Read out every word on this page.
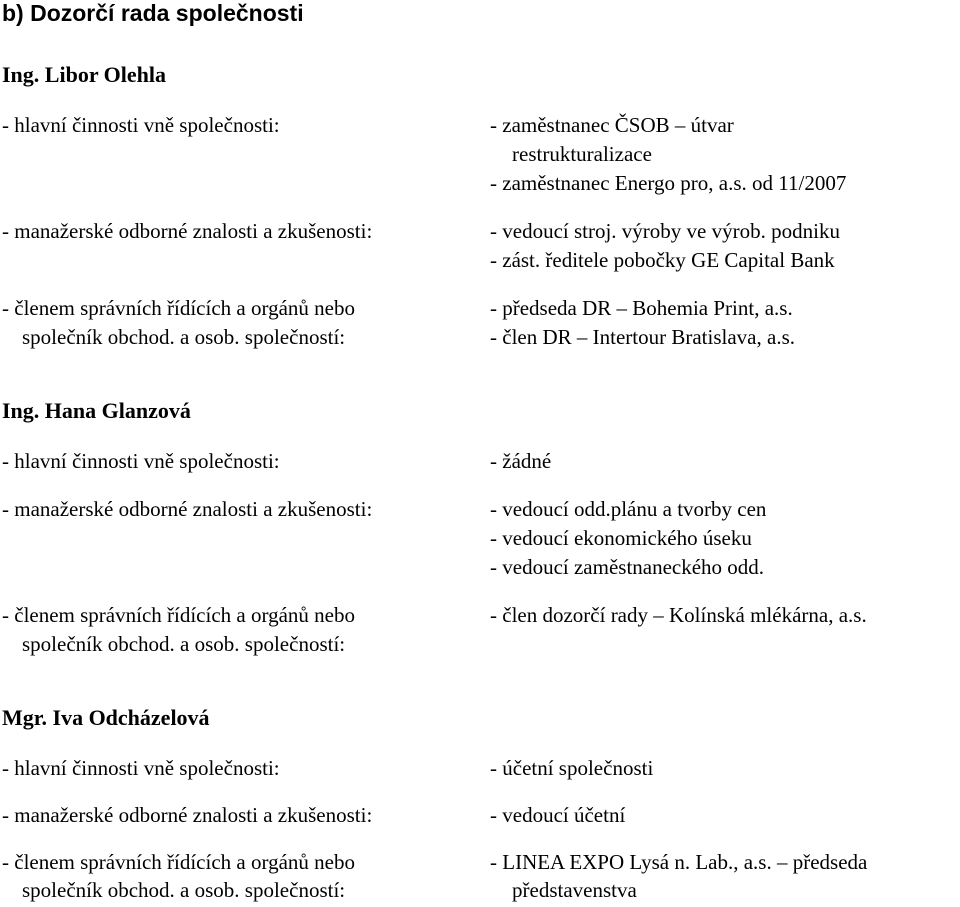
b) Dozorčí rada společnosti
Ing. Libor Olehla
- hlavní činnosti vně společnosti:	- zaměstnanec ČSOB – útvar
restrukturalizace
- zaměstnanec Energo pro, a.s. od 11/2007
- manažerské odborné znalosti a zkušenosti:	- vedoucí stroj. výroby ve výrob. podniku
- zást. ředitele pobočky GE Capital Bank
- členem správních řídících a orgánů nebo
společník obchod. a osob. společností:
- předseda DR – Bohemia Print, a.s.
- člen DR – Intertour Bratislava, a.s.
Ing. Hana Glanzová
- hlavní činnosti vně společnosti:	- žádné
- manažerské odborné znalosti a zkušenosti:	- vedoucí odd.plánu a tvorby cen
- vedoucí ekonomického úseku
- vedoucí zaměstnaneckého odd.
- členem správních řídících a orgánů nebo
společník obchod. a osob. společností:
- člen dozorčí rady – Kolínská mlékárna, a.s.
Mgr. Iva Odcházelová
- hlavní činnosti vně společnosti:	- účetní společnosti
- manažerské odborné znalosti a zkušenosti:	- vedoucí účetní
- členem správních řídících a orgánů nebo
společník obchod. a osob. společností:
- LINEA EXPO Lysá n. Lab., a.s. – předseda
představenstva
